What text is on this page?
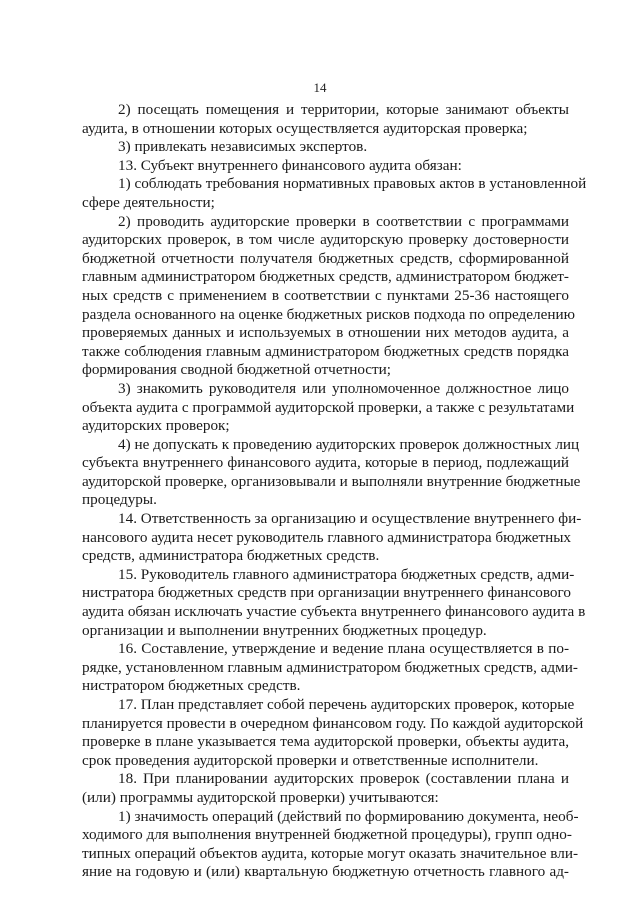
14
2) посещать помещения и территории, которые занимают объекты
аудита, в отношении которых осуществляется аудиторская проверка;
3) привлекать независимых экспертов.
13. Субъект внутреннего финансового аудита обязан:
1) соблюдать требования нормативных правовых актов в установленной
сфере деятельности;
2) проводить аудиторские проверки в соответствии с программами
аудиторских проверок, в том числе аудиторскую проверку достоверности
бюджетной отчетности получателя бюджетных средств, сформированной
главным администратором бюджетных средств, администратором бюджет-
ных средств с применением в соответствии с пунктами 25-36 настоящего
раздела основанного на оценке бюджетных рисков подхода по определению
проверяемых данных и используемых в отношении них методов аудита, а
также соблюдения главным администратором бюджетных средств порядка
формирования сводной бюджетной отчетности;
3) знакомить руководителя или уполномоченное должностное лицо
объекта аудита с программой аудиторской проверки, а также с результатами
аудиторских проверок;
4) не допускать к проведению аудиторских проверок должностных лиц
субъекта внутреннего финансового аудита, которые в период, подлежащий
аудиторской проверке, организовывали и выполняли внутренние бюджетные
процедуры.
14. Ответственность за организацию и осуществление внутреннего фи-
нансового аудита несет руководитель главного администратора бюджетных
средств, администратора бюджетных средств.
15. Руководитель главного администратора бюджетных средств, адми-
нистратора бюджетных средств при организации внутреннего финансового
аудита обязан исключать участие субъекта внутреннего финансового аудита в
организации и выполнении внутренних бюджетных процедур.
16. Составление, утверждение и ведение плана осуществляется в по-
рядке, установленном главным администратором бюджетных средств, адми-
нистратором бюджетных средств.
17. План представляет собой перечень аудиторских проверок, которые
планируется провести в очередном финансовом году. По каждой аудиторской
проверке в плане указывается тема аудиторской проверки, объекты аудита,
срок проведения аудиторской проверки и ответственные исполнители.
18. При планировании аудиторских проверок (составлении плана и
(или) программы аудиторской проверки) учитываются:
1) значимость операций (действий по формированию документа, необ-
ходимого для выполнения внутренней бюджетной процедуры), групп одно-
типных операций объектов аудита, которые могут оказать значительное вли-
яние на годовую и (или) квартальную бюджетную отчетность главного ад-
